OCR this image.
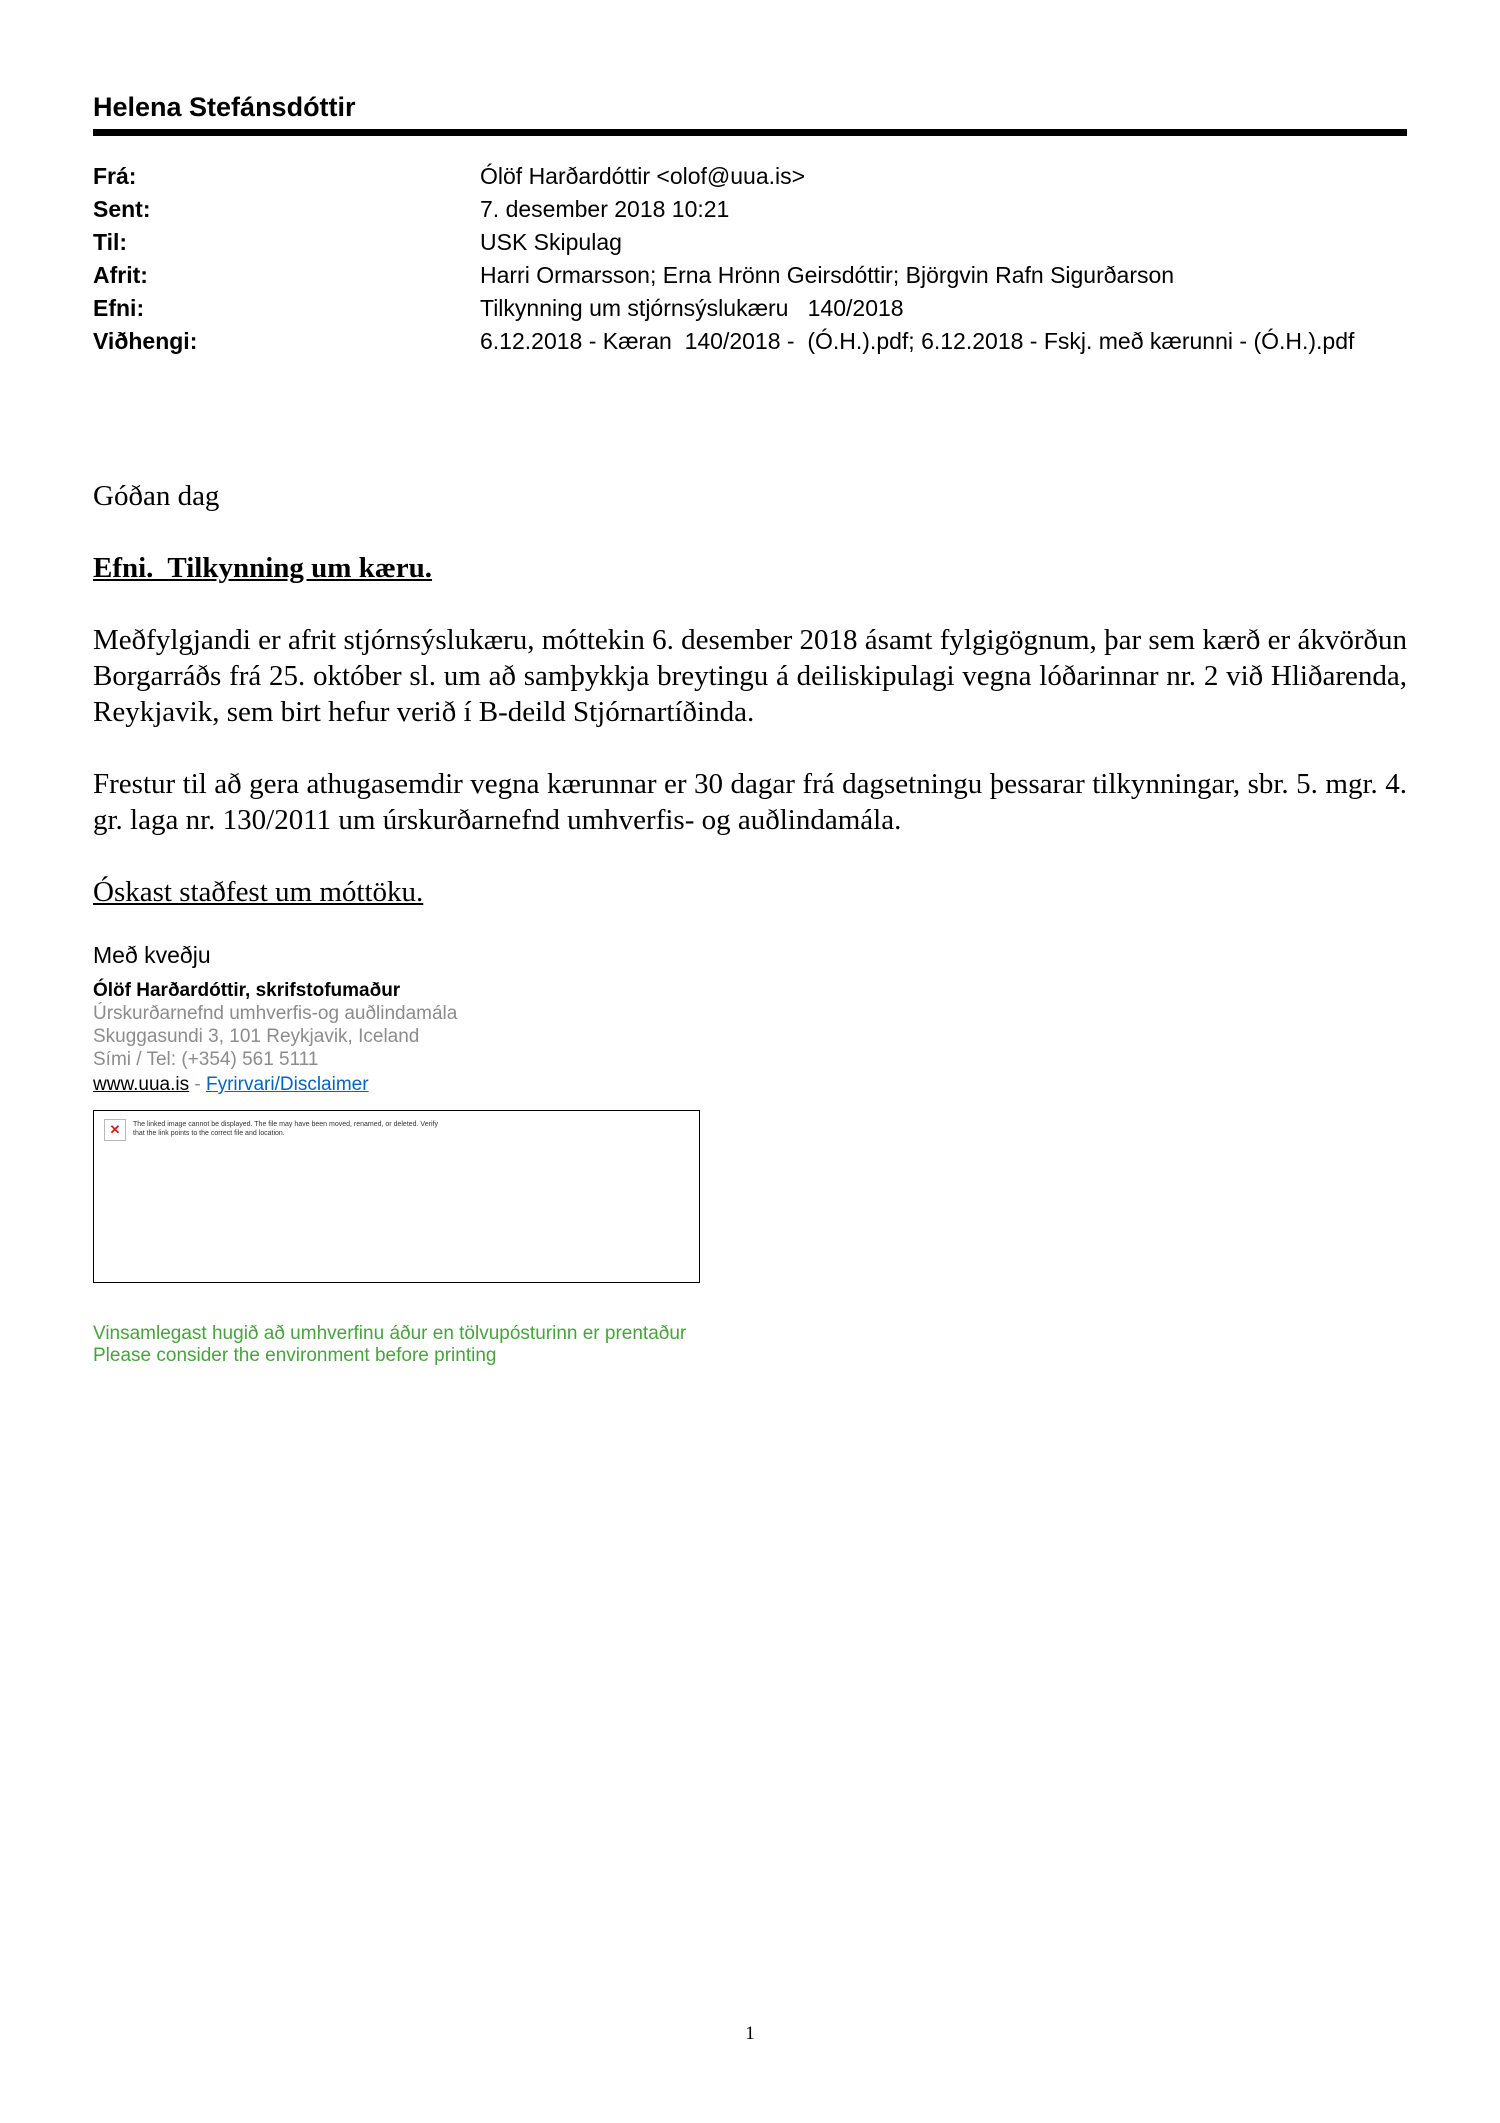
Helena Stefánsdóttir
Frá:	Ólöf Harðardóttir <olof@uua.is>
Sent:	7. desember 2018 10:21
Til:	USK Skipulag
Afrit:	Harri Ormarsson; Erna Hrönn Geirsdóttir; Björgvin Rafn Sigurðarson
Efni:	Tilkynning um stjórnsýslukæru   140/2018
Viðhengi:	6.12.2018 - Kæran  140/2018 -  (Ó.H.).pdf; 6.12.2018 - Fskj. með kærunni - (Ó.H.).pdf
Góðan dag
Efni.  Tilkynning um kæru.
Meðfylgjandi er afrit stjórnsýslukæru, móttekin 6. desember 2018 ásamt fylgigögnum, þar sem kærð er ákvörðun Borgarráðs frá 25. október sl. um að samþykkja breytingu á deiliskipulagi vegna lóðarinnar nr. 2 við Hliðarenda, Reykjavik, sem birt hefur verið í B-deild Stjórnartíðinda.
Frestur til að gera athugasemdir vegna kærunnar er 30 dagar frá dagsetningu þessarar tilkynningar, sbr. 5. mgr. 4. gr. laga nr. 130/2011 um úrskurðarnefnd umhverfis- og auðlindamála.
Óskast staðfest um móttöku.
Með kveðju
Ólöf Harðardóttir, skrifstofumaður
Úrskurðarnefnd umhverfis-og auðlindamála
Skuggasundi 3, 101 Reykjavik, Iceland
Sími / Tel: (+354) 561 5111
www.uua.is - Fyrirvari/Disclaimer
✕	The linked image cannot be displayed. The file may have been moved, renamed, or deleted. Verify that the link points to the correct file and location.
Vinsamlegast hugið að umhverfinu áður en tölvupósturinn er prentaður
Please consider the environment before printing
1
